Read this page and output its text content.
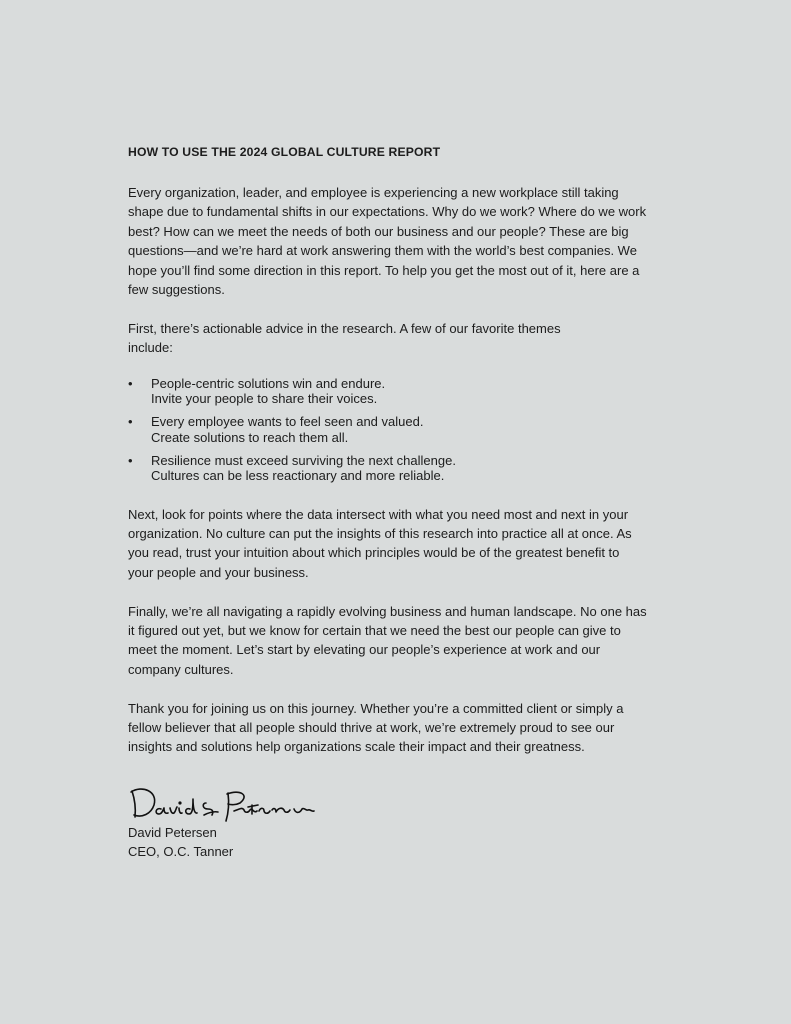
HOW TO USE THE 2024 GLOBAL CULTURE REPORT

Every organization, leader, and employee is experiencing a new workplace still taking shape due to fundamental shifts in our expectations. Why do we work? Where do we work best? How can we meet the needs of both our business and our people? These are big questions—and we’re hard at work answering them with the world’s best companies. We hope you’ll find some direction in this report. To help you get the most out of it, here are a few suggestions.

First, there’s actionable advice in the research. A few of our favorite themes include:

• People-centric solutions win and endure.
Invite your people to share their voices.
• Every employee wants to feel seen and valued.
Create solutions to reach them all.
• Resilience must exceed surviving the next challenge.
Cultures can be less reactionary and more reliable.

Next, look for points where the data intersect with what you need most and next in your organization. No culture can put the insights of this research into practice all at once. As you read, trust your intuition about which principles would be of the greatest benefit to your people and your business.

Finally, we’re all navigating a rapidly evolving business and human landscape. No one has it figured out yet, but we know for certain that we need the best our people can give to meet the moment. Let’s start by elevating our people’s experience at work and our company cultures.

Thank you for joining us on this journey. Whether you’re a committed client or simply a fellow believer that all people should thrive at work, we’re extremely proud to see our insights and solutions help organizations scale their impact and their greatness.

David Petersen

CEO, O.C. Tanner
